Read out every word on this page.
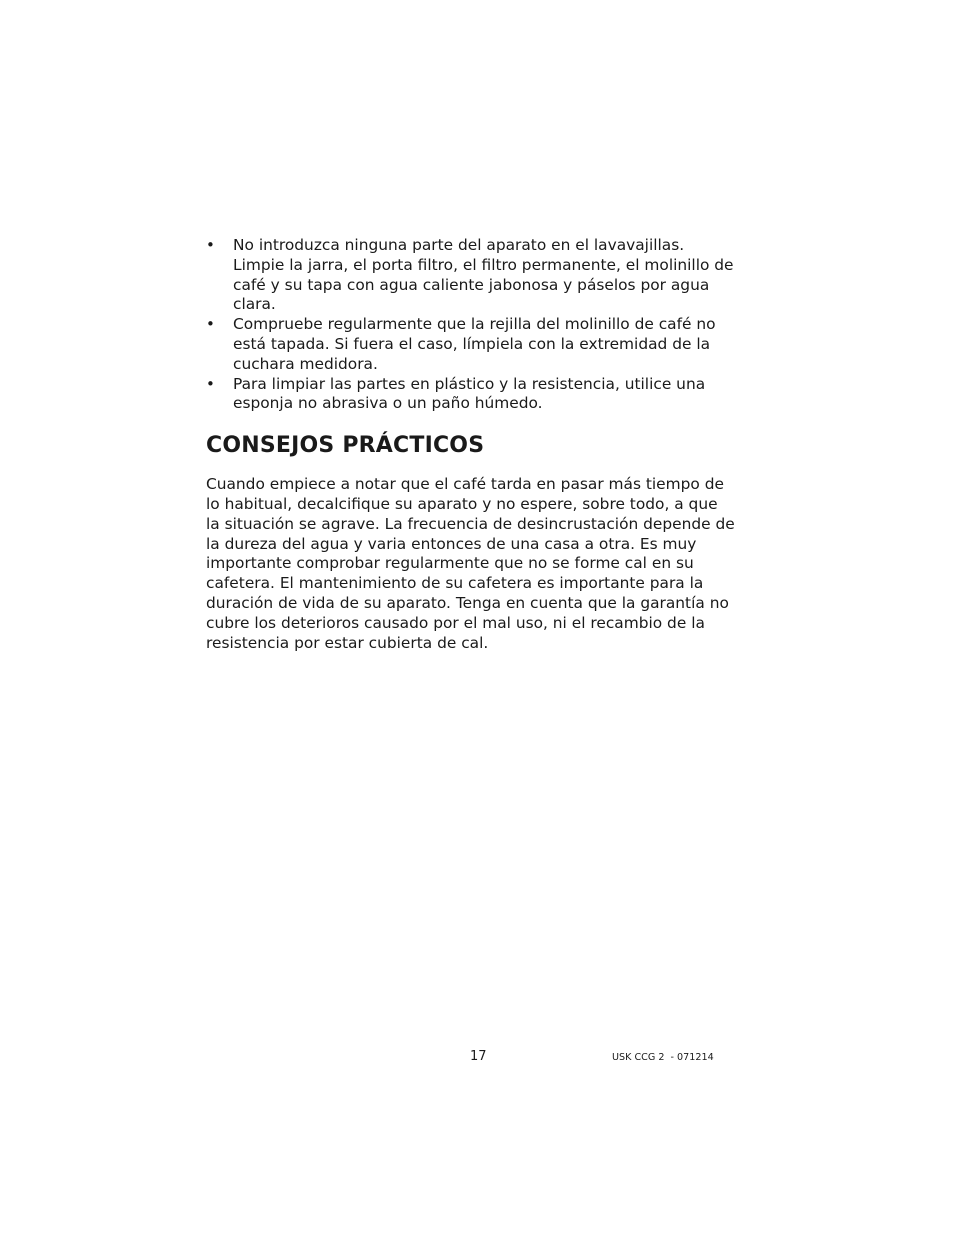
• No introduzca ninguna parte del aparato en el lavavajillas. Limpie la jarra, el porta filtro, el filtro permanente, el molinillo de café y su tapa con agua caliente jabonosa y páselos por agua clara.
• Compruebe regularmente que la rejilla del molinillo de café no está tapada. Si fuera el caso, límpiela con la extremidad de la cuchara medidora.
• Para limpiar las partes en plástico y la resistencia, utilice una esponja no abrasiva o un paño húmedo.
CONSEJOS PRÁCTICOS

Cuando empiece a notar que el café tarda en pasar más tiempo de lo habitual, decalcifique su aparato y no espere, sobre todo, a que la situación se agrave. La frecuencia de desincrustación depende de la dureza del agua y varia entonces de una casa a otra. Es muy importante comprobar regularmente que no se forme cal en su cafetera. El mantenimiento de su cafetera es importante para la duración de vida de su aparato. Tenga en cuenta que la garantía no cubre los deterioros causado por el mal uso, ni el recambio de la resistencia por estar cubierta de cal.

17	USK CCG 2  - 071214
